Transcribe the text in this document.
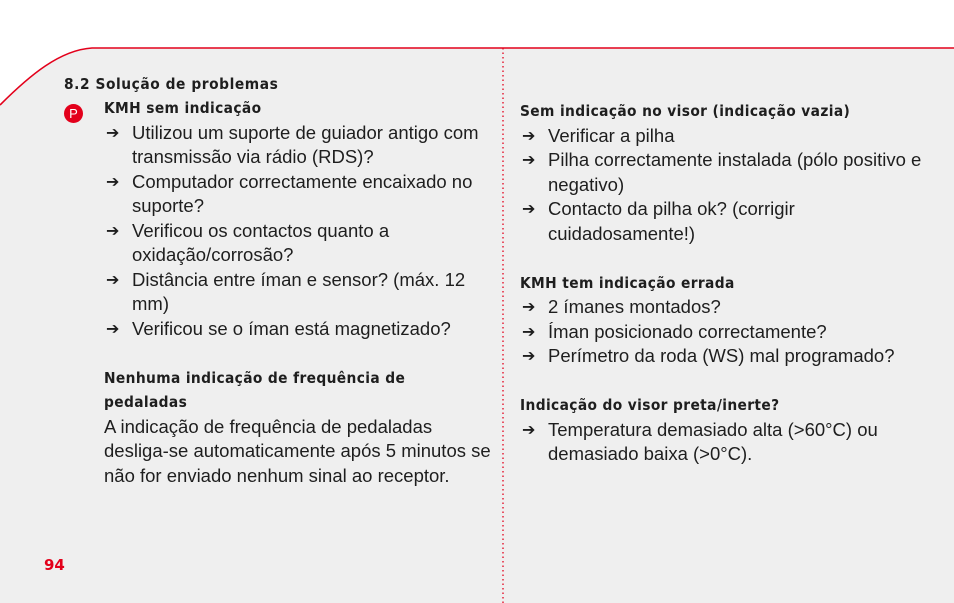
8.2 Solução de problemas
P	KMH sem indicação
➔ Utilizou um suporte de guiador antigo com transmissão via rádio (RDS)?
➔ Computador correctamente encaixado no suporte?
➔ Verificou os contactos quanto a oxidação/corrosão?
➔ Distância entre íman e sensor? (máx. 12 mm)
➔ Verificou se o íman está magnetizado?
Nenhuma indicação de frequência de pedaladas

A indicação de frequência de pedaladas desliga-se automaticamente após 5 minutos se não for enviado nenhum sinal ao receptor.

Sem indicação no visor (indicação vazia)
➔ Verificar a pilha
➔ Pilha correctamente instalada (pólo positivo e negativo)
➔ Contacto da pilha ok? (corrigir cuidadosamente!)
KMH tem indicação errada
➔ 2 ímanes montados?
➔ Íman posicionado correctamente?
➔ Perímetro da roda (WS) mal programado?
Indicação do visor preta/inerte?
➔ Temperatura demasiado alta (>60°C) ou demasiado baixa (>0°C).
94
